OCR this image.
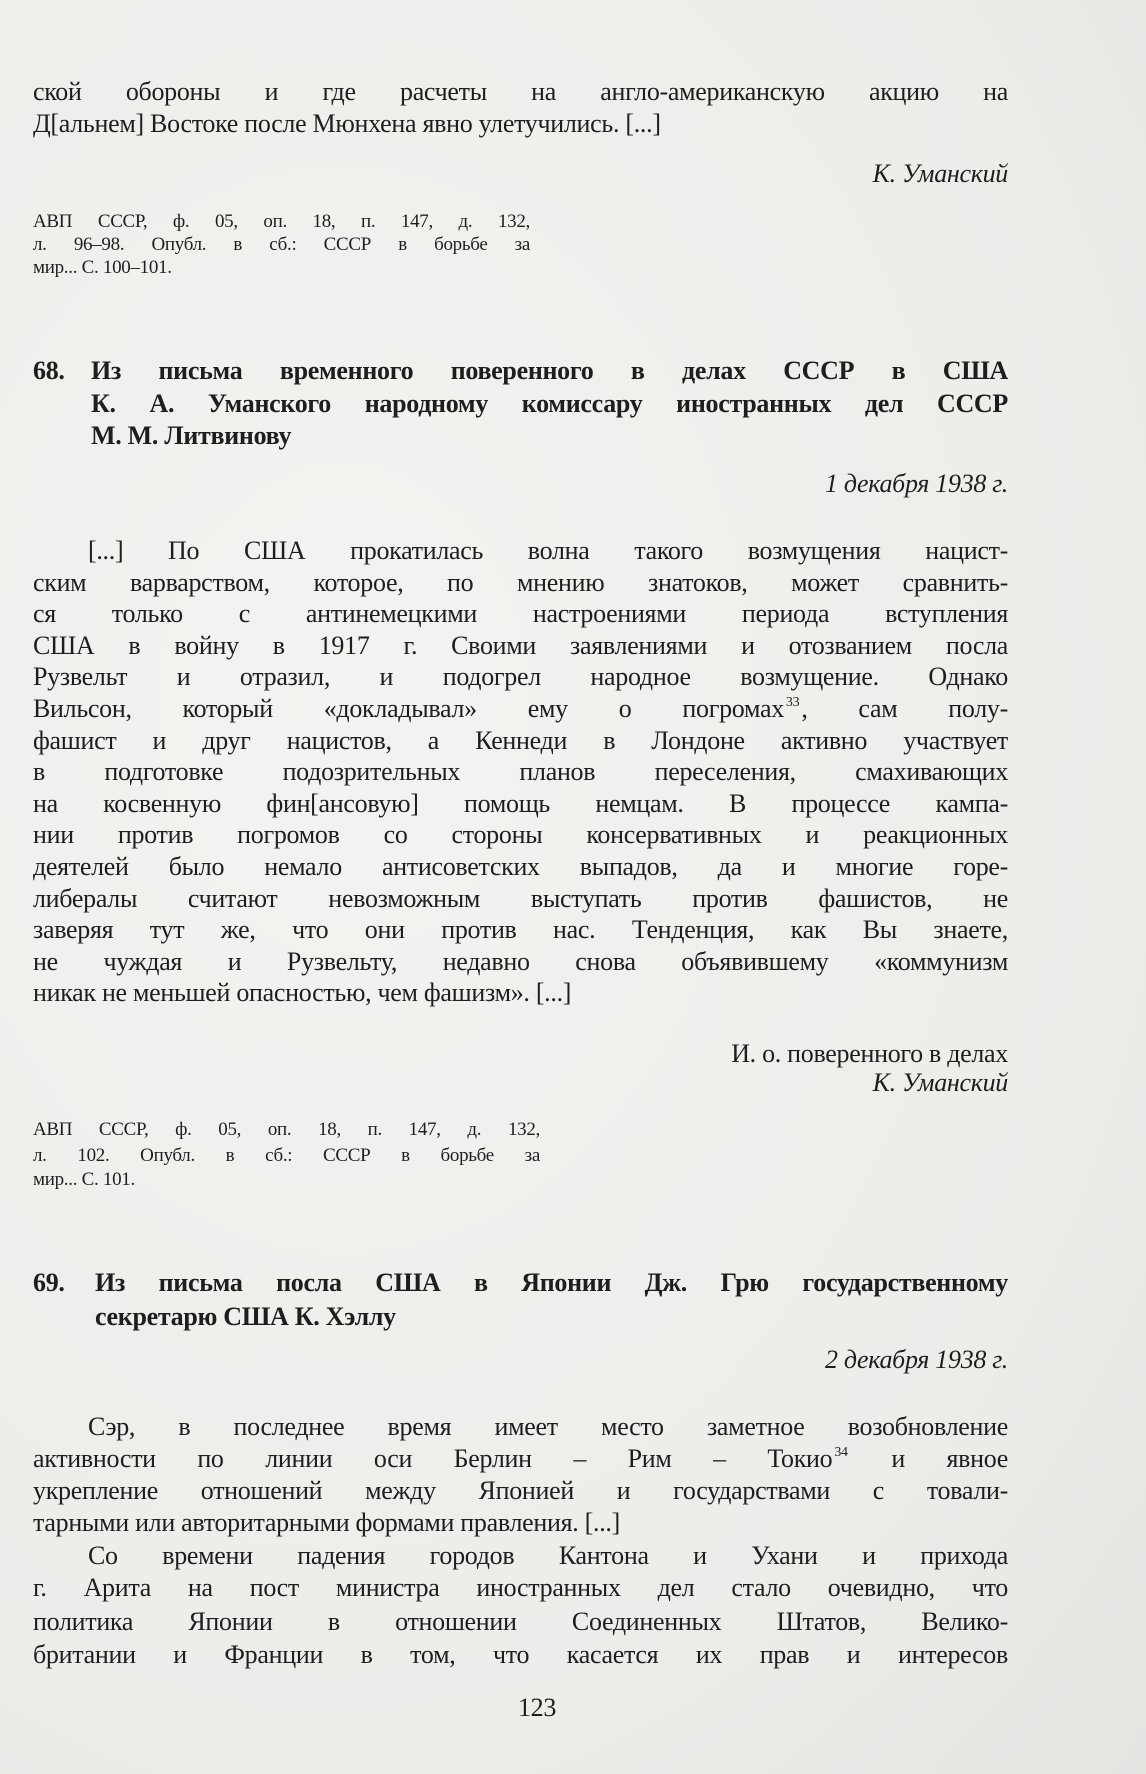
ской обороны и где расчеты на англо-американскую акцию на
Д[альнем] Востоке после Мюнхена явно улетучились. [...]
К. Уманский
АВП СССР, ф. 05, оп. 18, п. 147, д. 132,
л. 96–98. Опубл. в сб.: СССР в борьбе за
мир... С. 100–101.
68. Из письма временного поверенного в делах СССР в США
К. А. Уманского народному комиссару иностранных дел СССР
М. М. Литвинову
1 декабря 1938 г.
[...] По США прокатилась волна такого возмущения нацист-
ским варварством, которое, по мнению знатоков, может сравнить-
ся только с антинемецкими настроениями периода вступления
США в войну в 1917 г. Своими заявлениями и отозванием посла
Рузвельт и отразил, и подогрел народное возмущение. Однако
Вильсон, который «докладывал» ему о погромах $^{33}$, сам полу-
фашист и друг нацистов, а Кеннеди в Лондоне активно участвует
в подготовке подозрительных планов переселения, смахивающих
на косвенную фин[ансовую] помощь немцам. В процессе кампа-
нии против погромов со стороны консервативных и реакционных
деятелей было немало антисоветских выпадов, да и многие горе-
либералы считают невозможным выступать против фашистов, не
заверяя тут же, что они против нас. Тенденция, как Вы знаете,
не чуждая и Рузвельту, недавно снова объявившему «коммунизм
никак не меньшей опасностью, чем фашизм». [...]
И. о. поверенного в делах
К. Уманский
АВП СССР, ф. 05, оп. 18, п. 147, д. 132,
л. 102. Опубл. в сб.: СССР в борьбе за
мир... С. 101.
69. Из письма посла США в Японии Дж. Грю государственному
секретарю США К. Хэллу
2 декабря 1938 г.
Сэр, в последнее время имеет место заметное возобновление
активности по линии оси Берлин – Рим – Токио $^{34}$ и явное
укрепление отношений между Японией и государствами с товали-
тарными или авторитарными формами правления. [...]
Со времени падения городов Кантона и Ухани и прихода
г. Арита на пост министра иностранных дел стало очевидно, что
политика Японии в отношении Соединенных Штатов, Велико-
британии и Франции в том, что касается их прав и интересов
123
